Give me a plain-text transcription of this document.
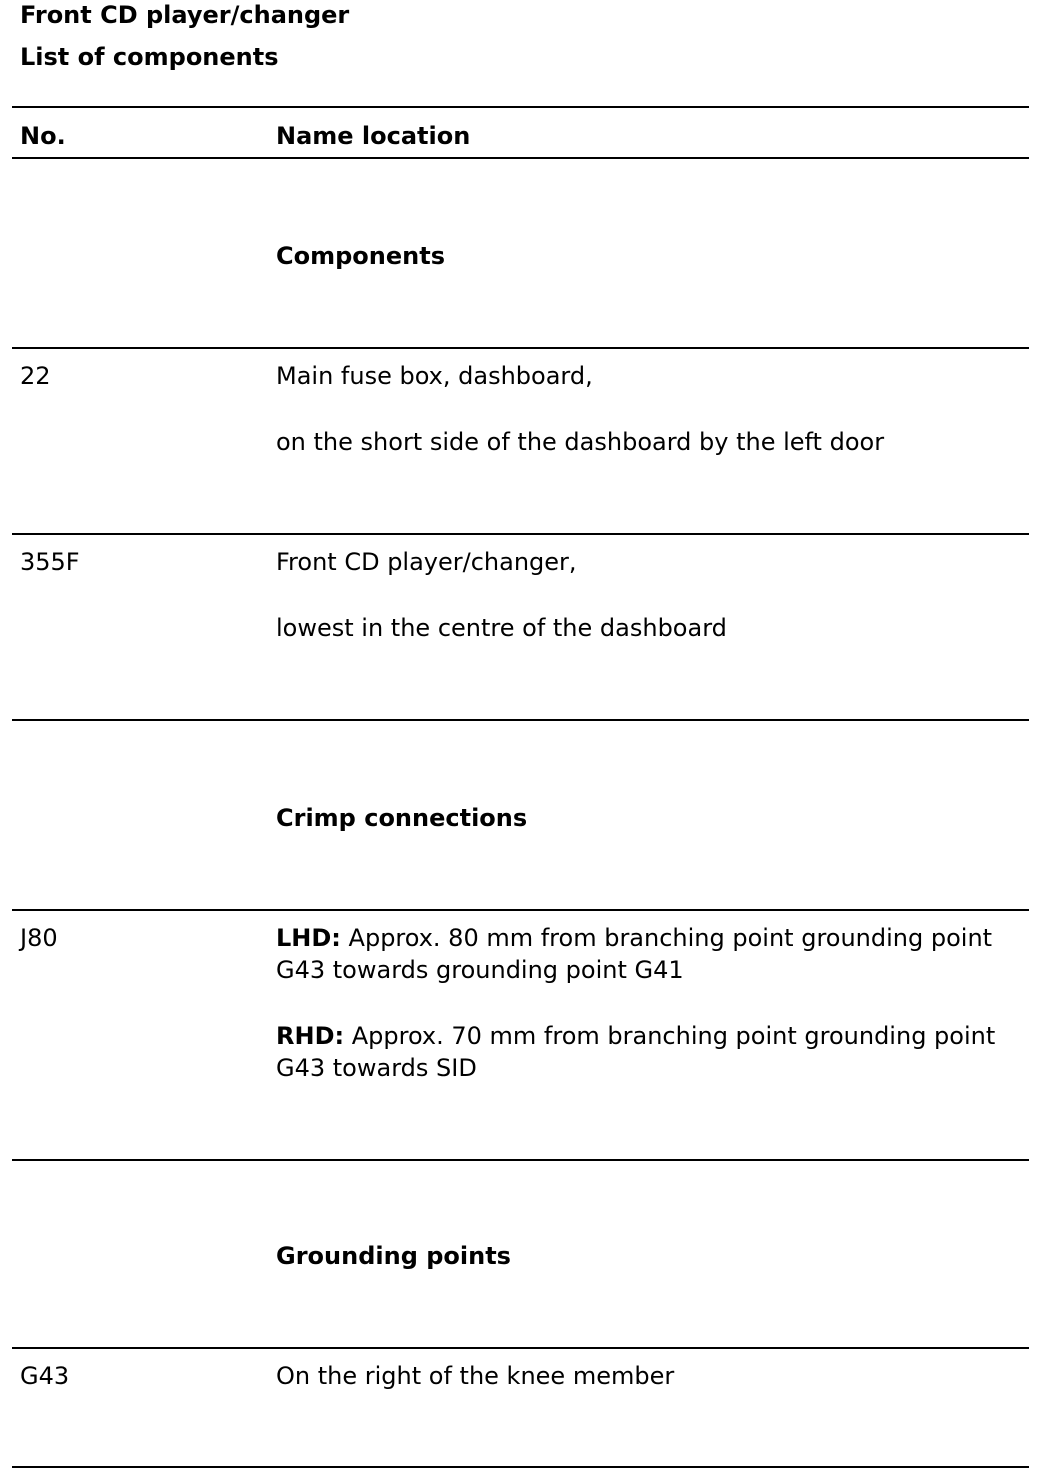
Front CD player/changer
List of components
No.	Name location
Components
22	Main fuse box, dashboard,
on the short side of the dashboard by the left door
355F	Front CD player/changer,
lowest in the centre of the dashboard
Crimp connections
J80	LHD: Approx. 80 mm from branching point grounding point G43 towards grounding point G41
RHD: Approx. 70 mm from branching point grounding point G43 towards SID
Grounding points
G43	On the right of the knee member
